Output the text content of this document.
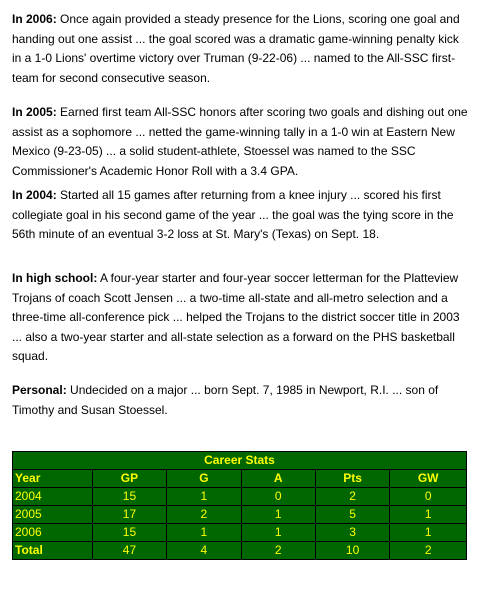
In 2006: Once again provided a steady presence for the Lions, scoring one goal and handing out one assist ... the goal scored was a dramatic game-winning penalty kick in a 1-0 Lions' overtime victory over Truman (9-22-06) ... named to the All-SSC first-team for second consecutive season.

In 2005: Earned first team All-SSC honors after scoring two goals and dishing out one assist as a sophomore ... netted the game-winning tally in a 1-0 win at Eastern New Mexico (9-23-05) ... a solid student-athlete, Stoessel was named to the SSC Commissioner's Academic Honor Roll with a 3.4 GPA.

In 2004: Started all 15 games after returning from a knee injury ... scored his first collegiate goal in his second game of the year ... the goal was the tying score in the 56th minute of an eventual 3-2 loss at St. Mary's (Texas) on Sept. 18.

In high school: A four-year starter and four-year soccer letterman for the Platteview Trojans of coach Scott Jensen ... a two-time all-state and all-metro selection and a three-time all-conference pick ... helped the Trojans to the district soccer title in 2003 ... also a two-year starter and all-state selection as a forward on the PHS basketball squad.

Personal: Undecided on a major ... born Sept. 7, 1985 in Newport, R.I. ... son of Timothy and Susan Stoessel.

Career Stats					
Year	GP	G	A	Pts	GW
2004	15	1	0	2	0
2005	17	2	1	5	1
2006	15	1	1	3	1
Total	47	4	2	10	2
